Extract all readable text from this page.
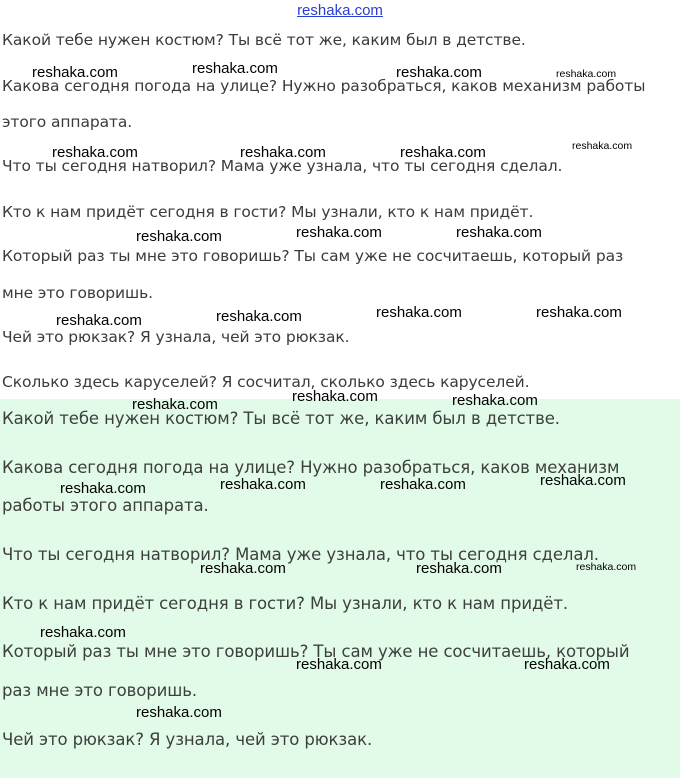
reshaka.com
Какой тебе нужен костюм? Ты всё тот же, каким был в детстве.
Какова сегодня погода на улице? Нужно разобраться, каков механизм работы
этого аппарата.
Что ты сегодня натворил? Мама уже узнала, что ты сегодня сделал.
Кто к нам придёт сегодня в гости? Мы узнали, кто к нам придёт.
Который раз ты мне это говоришь? Ты сам уже не сосчитаешь, который раз
мне это говоришь.
Чей это рюкзак? Я узнала, чей это рюкзак.
Сколько здесь каруселей? Я сосчитал, сколько здесь каруселей.
Какой тебе нужен костюм? Ты всё тот же, каким был в детстве.
Какова сегодня погода на улице? Нужно разобраться, каков механизм
работы этого аппарата.
Что ты сегодня натворил? Мама уже узнала, что ты сегодня сделал.
Кто к нам придёт сегодня в гости? Мы узнали, кто к нам придёт.
Который раз ты мне это говоришь? Ты сам уже не сосчитаешь, который
раз мне это говоришь.
Чей это рюкзак? Я узнала, чей это рюкзак.
reshaka.com	reshaka.com	reshaka.com	reshaka.com
reshaka.com	reshaka.com	reshaka.com	reshaka.com
reshaka.com	reshaka.com	reshaka.com
reshaka.com	reshaka.com	reshaka.com	reshaka.com
reshaka.com	reshaka.com	reshaka.com
reshaka.com	reshaka.com	reshaka.com	reshaka.com
reshaka.com	reshaka.com	reshaka.com
reshaka.com
reshaka.com	reshaka.com
reshaka.com
